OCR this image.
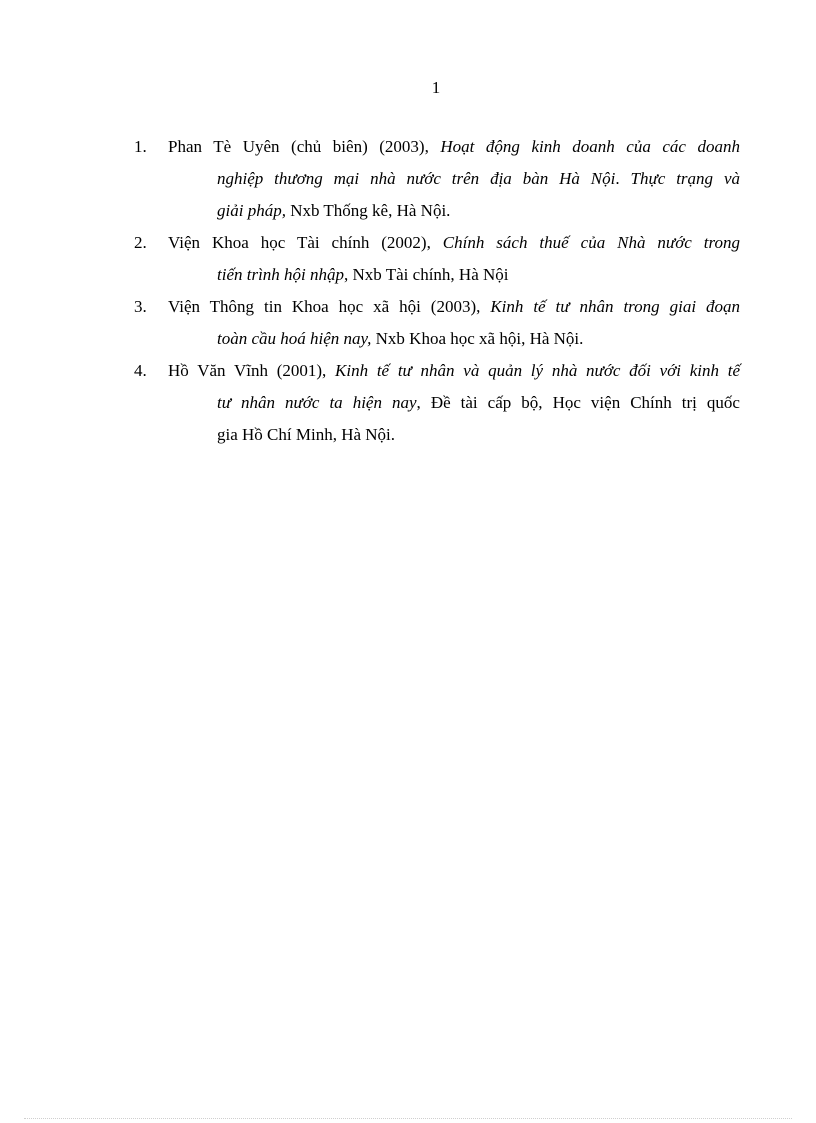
1
1.	Phan Tè Uyên (chủ biên) (2003), Hoạt động kinh doanh của các doanh
nghiệp thương mại nhà nước trên địa bàn Hà Nội. Thực trạng và
giải pháp, Nxb Thống kê, Hà Nội.
2.	Viện Khoa học Tài chính (2002), Chính sách thuế của Nhà nước trong
tiến trình hội nhập, Nxb Tài chính, Hà Nội
3.	Viện Thông tin Khoa học xã hội (2003), Kinh tế tư nhân trong giai đoạn
toàn cầu hoá hiện nay, Nxb Khoa học xã hội, Hà Nội.
4.	Hồ Văn Vĩnh (2001), Kinh tế tư nhân và quản lý nhà nước đối với kinh tế
tư nhân nước ta hiện nay, Đề tài cấp bộ, Học viện Chính trị quốc
gia Hồ Chí Minh, Hà Nội.
